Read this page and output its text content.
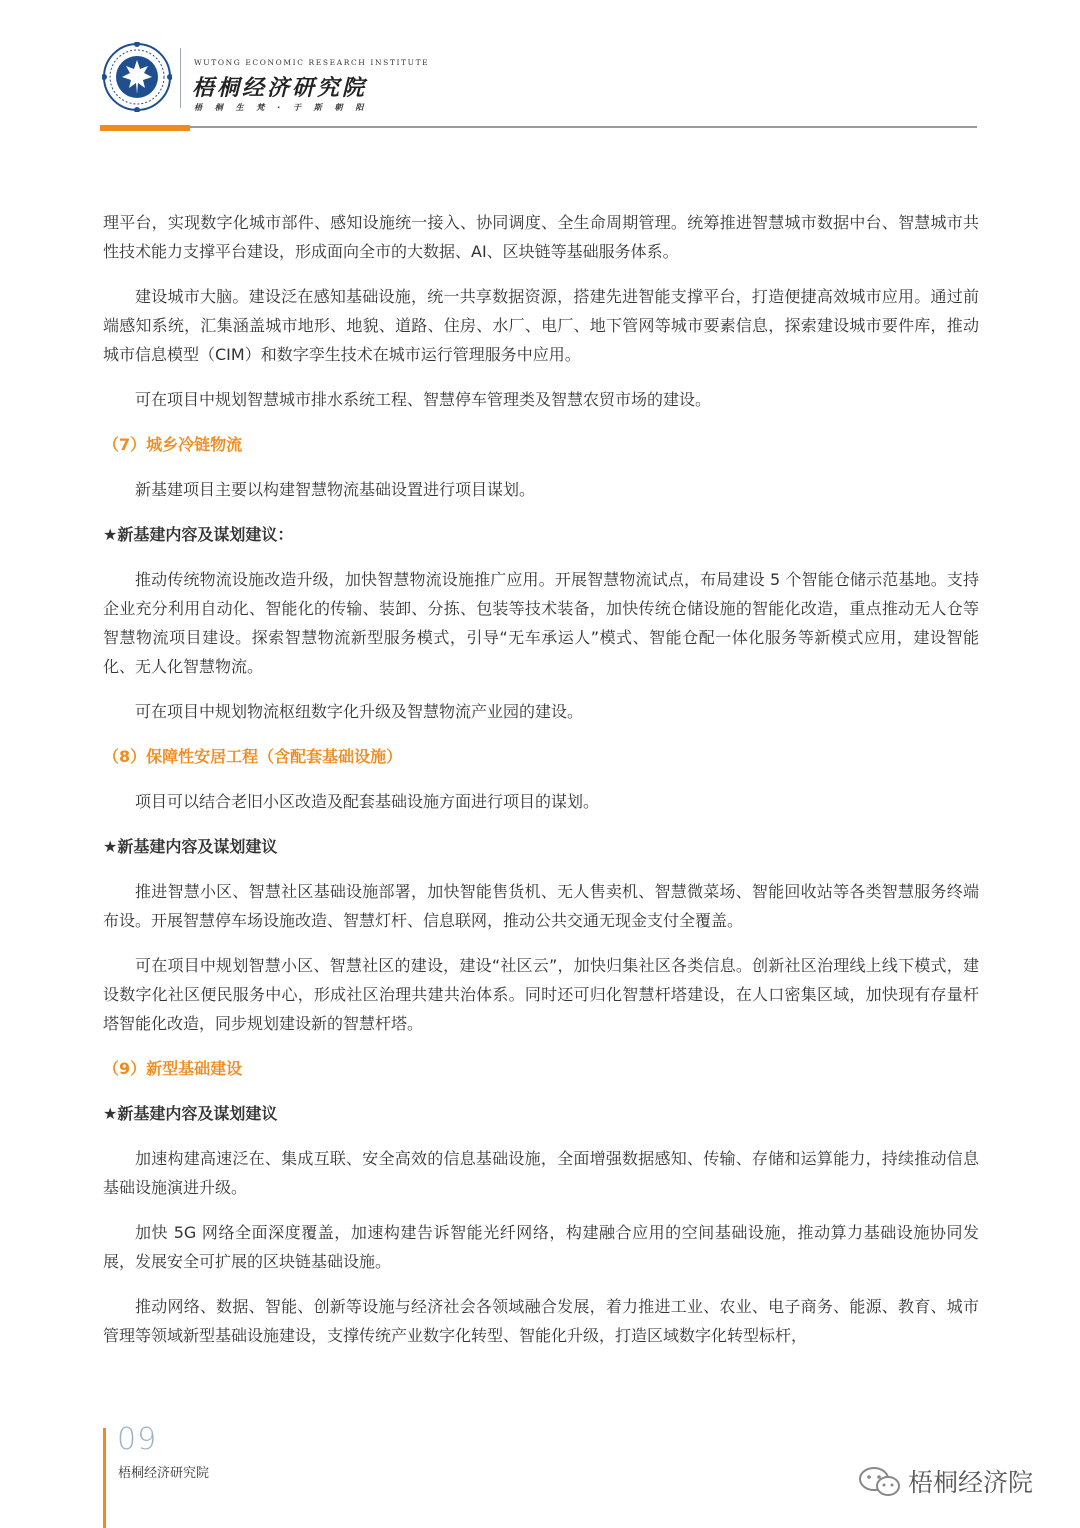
WUTONG ECONOMIC RESEARCH INSTITUTE
梧桐经济研究院
梧 桐 生 梵 · 于 斯 朝 阳

理平台，实现数字化城市部件、感知设施统一接入、协同调度、全生命周期管理。统筹推进智慧城市数据中台、智慧城市共性技术能力支撑平台建设，形成面向全市的大数据、AI、区块链等基础服务体系。

建设城市大脑。建设泛在感知基础设施，统一共享数据资源，搭建先进智能支撑平台，打造便捷高效城市应用。通过前端感知系统，汇集涵盖城市地形、地貌、道路、住房、水厂、电厂、地下管网等城市要素信息，探索建设城市要件库，推动城市信息模型（CIM）和数字孪生技术在城市运行管理服务中应用。

可在项目中规划智慧城市排水系统工程、智慧停车管理类及智慧农贸市场的建设。

（7）城乡冷链物流

新基建项目主要以构建智慧物流基础设置进行项目谋划。

★新基建内容及谋划建议：

推动传统物流设施改造升级，加快智慧物流设施推广应用。开展智慧物流试点，布局建设 5 个智能仓储示范基地。支持企业充分利用自动化、智能化的传输、装卸、分拣、包装等技术装备，加快传统仓储设施的智能化改造，重点推动无人仓等智慧物流项目建设。探索智慧物流新型服务模式，引导“无车承运人”模式、智能仓配一体化服务等新模式应用，建设智能化、无人化智慧物流。

可在项目中规划物流枢纽数字化升级及智慧物流产业园的建设。

（8）保障性安居工程（含配套基础设施）

项目可以结合老旧小区改造及配套基础设施方面进行项目的谋划。

★新基建内容及谋划建议

推进智慧小区、智慧社区基础设施部署，加快智能售货机、无人售卖机、智慧微菜场、智能回收站等各类智慧服务终端布设。开展智慧停车场设施改造、智慧灯杆、信息联网，推动公共交通无现金支付全覆盖。

可在项目中规划智慧小区、智慧社区的建设，建设“社区云”，加快归集社区各类信息。创新社区治理线上线下模式，建设数字化社区便民服务中心，形成社区治理共建共治体系。同时还可归化智慧杆塔建设，在人口密集区域，加快现有存量杆塔智能化改造，同步规划建设新的智慧杆塔。

（9）新型基础建设

★新基建内容及谋划建议

加速构建高速泛在、集成互联、安全高效的信息基础设施，全面增强数据感知、传输、存储和运算能力，持续推动信息基础设施演进升级。

加快 5G 网络全面深度覆盖，加速构建告诉智能光纤网络，构建融合应用的空间基础设施，推动算力基础设施协同发展，发展安全可扩展的区块链基础设施。

推动网络、数据、智能、创新等设施与经济社会各领域融合发展，着力推进工业、农业、电子商务、能源、教育、城市管理等领域新型基础设施建设，支撑传统产业数字化转型、智能化升级，打造区域数字化转型标杆，

09
梧桐经济研究院	梧桐经济院
